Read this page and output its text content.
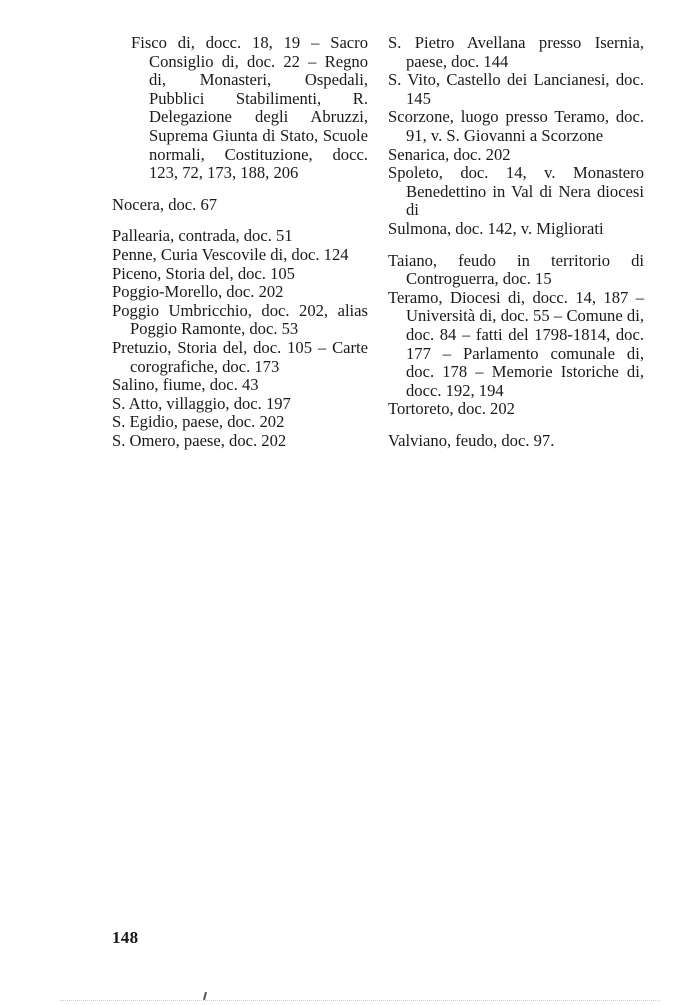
Fisco di, docc. 18, 19 – Sacro Consiglio di, doc. 22 – Regno di, Monasteri, Ospedali, Pubblici Stabilimenti, R. Delegazione degli Abruzzi, Suprema Giunta di Stato, Scuole normali, Costituzione, docc. 123, 72, 173, 188, 206

Nocera, doc. 67

Pallearia, contrada, doc. 51

Penne, Curia Vescovile di, doc. 124

Piceno, Storia del, doc. 105

Poggio-Morello, doc. 202

Poggio Umbricchio, doc. 202, alias Poggio Ramonte, doc. 53

Pretuzio, Storia del, doc. 105 – Carte corografiche, doc. 173

Salino, fiume, doc. 43

S. Atto, villaggio, doc. 197

S. Egidio, paese, doc. 202

S. Omero, paese, doc. 202

S. Pietro Avellana presso Isernia, paese, doc. 144

S. Vito, Castello dei Lancianesi, doc. 145

Scorzone, luogo presso Teramo, doc. 91, v. S. Giovanni a Scorzone

Senarica, doc. 202

Spoleto, doc. 14, v. Monastero Benedettino in Val di Nera diocesi di

Sulmona, doc. 142, v. Migliorati

Taiano, feudo in territorio di Controguerra, doc. 15

Teramo, Diocesi di, docc. 14, 187 – Università di, doc. 55 – Comune di, doc. 84 – fatti del 1798-1814, doc. 177 – Parlamento comunale di, doc. 178 – Memorie Istoriche di, docc. 192, 194

Tortoreto, doc. 202

Valviano, feudo, doc. 97.

148
